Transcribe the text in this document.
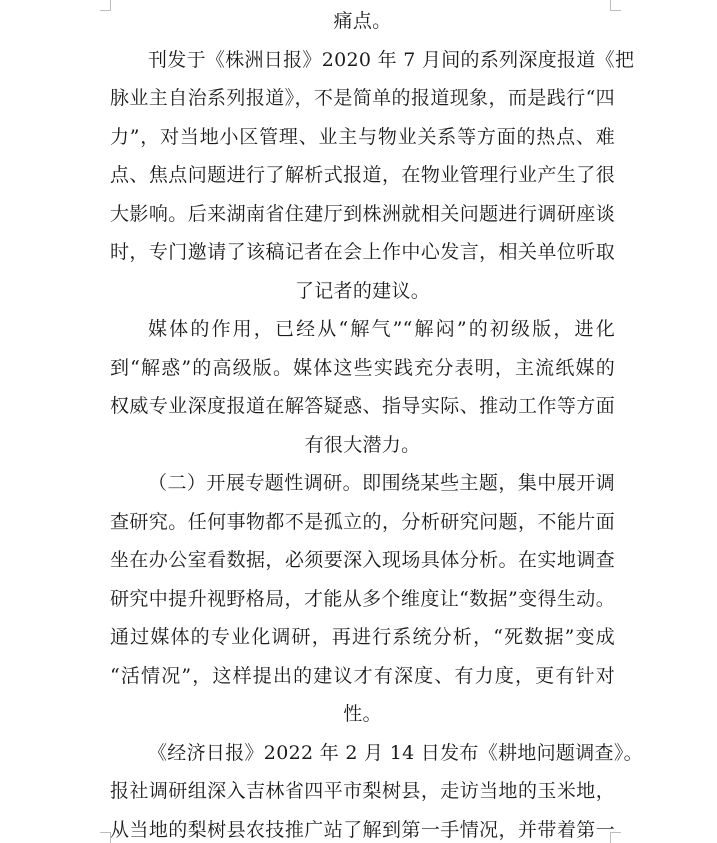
痛点。
刊发于《株洲日报》2020 年 7 月间的系列深度报道《把
脉业主自治系列报道》，不是简单的报道现象，而是践行“四
力”，对当地小区管理、业主与物业关系等方面的热点、难
点、焦点问题进行了解析式报道，在物业管理行业产生了很
大影响。后来湖南省住建厅到株洲就相关问题进行调研座谈
时，专门邀请了该稿记者在会上作中心发言，相关单位听取
了记者的建议。
媒体的作用，已经从“解气”“解闷”的初级版，进化
到“解惑”的高级版。媒体这些实践充分表明，主流纸媒的
权威专业深度报道在解答疑惑、指导实际、推动工作等方面
有很大潜力。
（二）开展专题性调研。即围绕某些主题，集中展开调
查研究。任何事物都不是孤立的，分析研究问题，不能片面
坐在办公室看数据，必须要深入现场具体分析。在实地调查
研究中提升视野格局，才能从多个维度让“数据”变得生动。
通过媒体的专业化调研，再进行系统分析，“死数据”变成
“活情况”，这样提出的建议才有深度、有力度，更有针对
性。
《经济日报》2022 年 2 月 14 日发布《耕地问题调查》。
报社调研组深入吉林省四平市梨树县，走访当地的玉米地，
从当地的梨树县农技推广站了解到第一手情况，并带着第一
